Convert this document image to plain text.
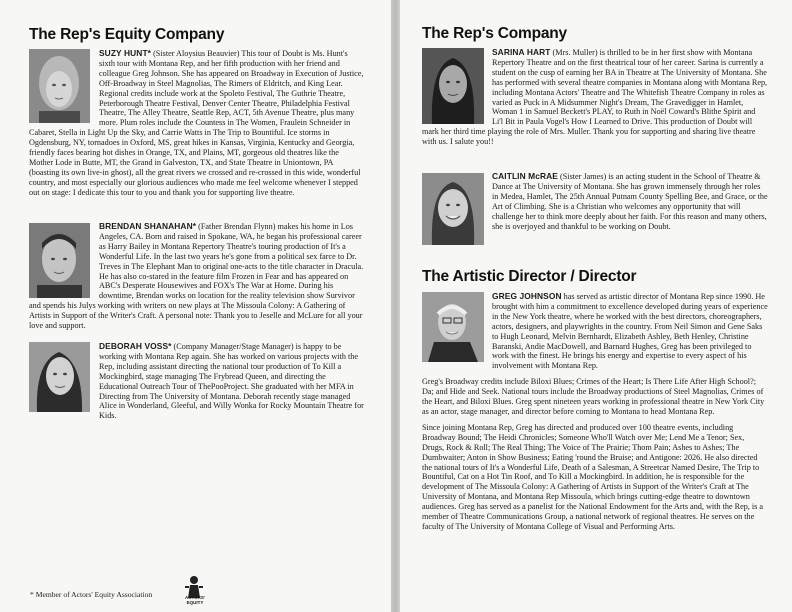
The Rep's Equity Company

SUZY HUNT* (Sister Aloysius Beauvier) This tour of Doubt is Ms. Hunt's sixth tour with Montana Rep, and her fifth production with her friend and colleague Greg Johnson. She has appeared on Broadway in Execution of Justice, Off-Broadway in Steel Magnolias, The Rimers of Eldritch, and King Lear. Regional credits include work at the Spoleto Festival, The Guthrie Theatre, Peterborough Theatre Festival, Denver Center Theatre, Philadelphia Festival Theatre, The Alley Theatre, Seattle Rep, ACT, 5th Avenue Theatre, plus many more. Plum roles include the Countess in The Women, Fraulein Schneider in Cabaret, Stella in Light Up the Sky, and Carrie Watts in The Trip to Bountiful. Ice storms in Ogdensburg, NY, tornadoes in Oxford, MS, great hikes in Kansas, Virginia, Kentucky and Georgia, friendly faces bearing hot dishes in Orange, TX, and Plains, MT, gorgeous old theatres like the Mother Lode in Butte, MT, the Grand in Galveston, TX, and State Theatre in Uniontown, PA (boasting its own live-in ghost), all the great rivers we crossed and re-crossed in this wide, wonderful country, and most especially our glorious audiences who made me feel welcome whenever I stepped out on stage: I dedicate this tour to you and thank you for supporting live theatre.

BRENDAN SHANAHAN* (Father Brendan Flynn) makes his home in Los Angeles, CA. Born and raised in Spokane, WA, he began his professional career as Harry Bailey in Montana Repertory Theatre's touring production of It's a Wonderful Life. In the last two years he's gone from a political sex farce to Dr. Treves in The Elephant Man to original one-acts to the title character in Dracula. He has also co-stared in the feature film Frozen in Fear and has appeared on ABC's Desperate Housewives and FOX's The War at Home. During his downtime, Brendan works on location for the reality television show Survivor and spends his Julys working with writers on new plays at The Missoula Colony: A Gathering of Artists in Support of the Writer's Craft. A personal note: Thank you to Jeselle and McLure for all your love and support.

DEBORAH VOSS* (Company Manager/Stage Manager) is happy to be working with Montana Rep again. She has worked on various projects with the Rep, including assistant directing the national tour production of To Kill a Mockingbird, stage managing The Frybread Queen, and directing the Educational Outreach Tour of ThePooProject. She graduated with her MFA in Directing from The University of Montana. Deborah recently stage managed Alice in Wonderland, Gleeful, and Willy Wonka for Rocky Mountain Theatre for Kids.

* Member of Actors' Equity Association	ACTORS' EQUITY
The Rep's Company

SARINA HART (Mrs. Muller) is thrilled to be in her first show with Montana Repertory Theatre and on the first theatrical tour of her career. Sarina is currently a student on the cusp of earning her BA in Theatre at The University of Montana. She has performed with several theatre companies in Montana along with Montana Rep, including Montana Actors' Theatre and The Whitefish Theatre Company in roles as varied as Puck in A Midsummer Night's Dream, The Gravedigger in Hamlet, Woman 1 in Samuel Beckett's PLAY, to Ruth in Noël Coward's Blithe Spirit and Li'l Bit in Paula Vogel's How I Learned to Drive. This production of Doubt will mark her third time playing the role of Mrs. Muller. Thank you for supporting and sharing live theatre with us. I salute you!!

CAITLIN McRAE (Sister James) is an acting student in the School of Theatre & Dance at The University of Montana. She has grown immensely through her roles in Medea, Hamlet, The 25th Annual Putnam County Spelling Bee, and Grace, or the Art of Climbing. She is a Christian who welcomes any opportunity that will challenge her to think more deeply about her faith. For this reason and many others, she is overjoyed and thankful to be working on Doubt.

The Artistic Director / Director

GREG JOHNSON has served as artistic director of Montana Rep since 1990. He brought with him a commitment to excellence developed during years of experience in the New York theatre, where he worked with the best directors, choreographers, actors, designers, and playwrights in the country. From Neil Simon and Gene Saks to Hugh Leonard, Melvin Bernhardt, Elizabeth Ashley, Beth Henley, Christine Baranski, Andie MacDowell, and Barnard Hughes, Greg has been privileged to work with the finest. He brings his energy and expertise to every aspect of his involvement with Montana Rep.

Greg's Broadway credits include Biloxi Blues; Crimes of the Heart; Is There Life After High School?; Da; and Hide and Seek. National tours include the Broadway productions of Steel Magnolias, Crimes of the Heart, and Biloxi Blues. Greg spent nineteen years working in professional theatre in New York City as an actor, stage manager, and director before coming to Montana to head Montana Rep.

Since joining Montana Rep, Greg has directed and produced over 100 theatre events, including Broadway Bound; The Heidi Chronicles; Someone Who'll Watch over Me; Lend Me a Tenor; Sex, Drugs, Rock & Roll; The Real Thing; The Voice of The Prairie; Thom Pain; Ashes to Ashes; The Dumbwaiter; Anton in Show Business; Eating 'round the Bruise; and Antigone: 2026. He also directed the national tours of It's a Wonderful Life, Death of a Salesman, A Streetcar Named Desire, The Trip to Bountiful, Cat on a Hot Tin Roof, and To Kill a Mockingbird. In addition, he is responsible for the development of The Missoula Colony: A Gathering of Artists in Support of the Writer's Craft at The University of Montana, and Montana Rep Missoula, which brings cutting-edge theatre to downtown audiences. Greg has served as a panelist for the National Endowment for the Arts and, with the Rep, is a member of Theatre Communications Group, a national network of regional theatres. He serves on the faculty of The University of Montana College of Visual and Performing Arts.
